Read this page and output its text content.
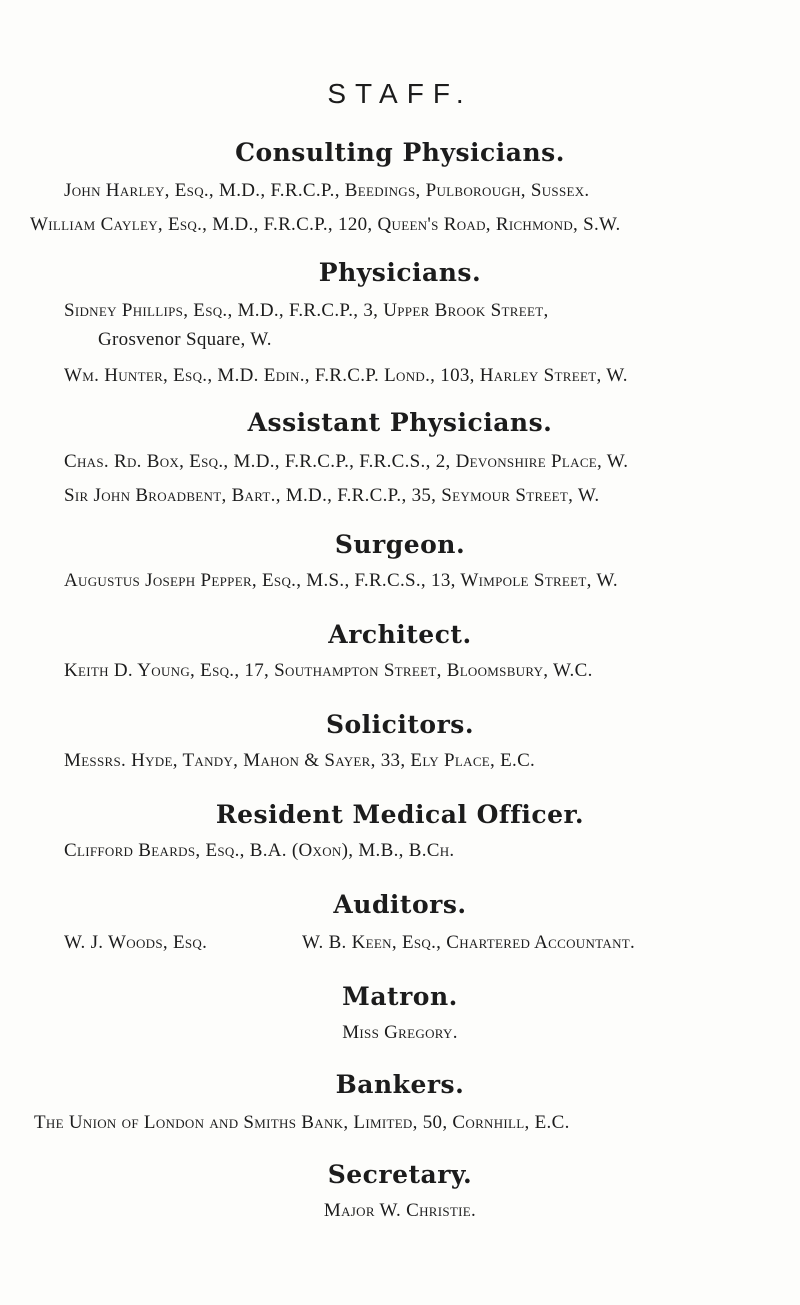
STAFF.
Consulting Physicians.
John Harley, Esq., M.D., F.R.C.P., Beedings, Pulborough, Sussex.
William Cayley, Esq., M.D., F.R.C.P., 120, Queen's Road, Richmond, S.W.
Physicians.
Sidney Phillips, Esq., M.D., F.R.C.P., 3, Upper Brook Street,
Grosvenor Square, W.
Wm. Hunter, Esq., M.D. Edin., F.R.C.P. Lond., 103, Harley Street, W.
Assistant Physicians.
Chas. Rd. Box, Esq., M.D., F.R.C.P., F.R.C.S., 2, Devonshire Place, W.
Sir John Broadbent, Bart., M.D., F.R.C.P., 35, Seymour Street, W.
Surgeon.
Augustus Joseph Pepper, Esq., M.S., F.R.C.S., 13, Wimpole Street, W.
Architect.
Keith D. Young, Esq., 17, Southampton Street, Bloomsbury, W.C.
Solicitors.
Messrs. Hyde, Tandy, Mahon & Sayer, 33, Ely Place, E.C.
Resident Medical Officer.
Clifford Beards, Esq., B.A. (Oxon), M.B., B.Ch.
Auditors.
W. J. Woods, Esq.	W. B. Keen, Esq., Chartered Accountant.
Matron.
Miss Gregory.
Bankers.
The Union of London and Smiths Bank, Limited, 50, Cornhill, E.C.
Secretary.
Major W. Christie.
